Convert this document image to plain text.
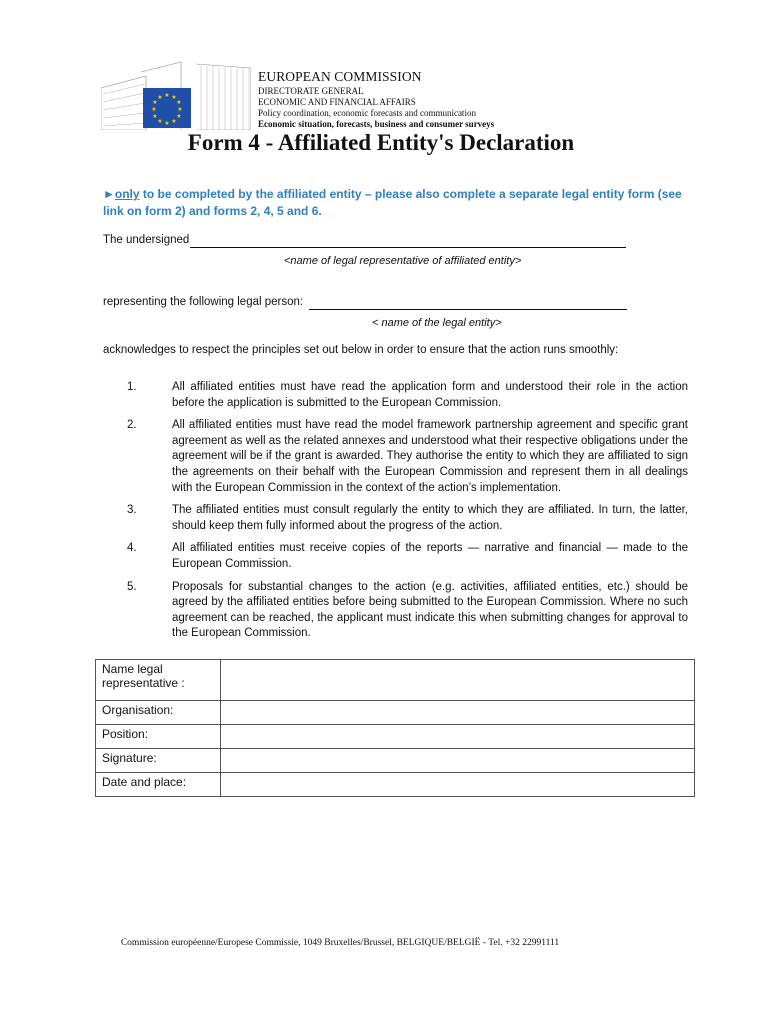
★ ★
★
★
★
★
★
★
★
★
★
★
EUROPEAN COMMISSION
DIRECTORATE GENERAL
ECONOMIC AND FINANCIAL AFFAIRS
Policy coordination, economic forecasts and communication
Economic situation, forecasts, business and consumer surveys
Form 4 - Affiliated Entity's Declaration
►only to be completed by the affiliated entity – please also complete a separate legal entity form (see link on form 2) and forms 2, 4, 5 and 6.
The undersigned
<name of legal representative of affiliated entity>
representing the following legal person:
< name of the legal entity>
acknowledges to respect the principles set out below in order to ensure that the action runs smoothly:
1.	All affiliated entities must have read the application form and understood their role in the action before the application is submitted to the European Commission.
2.	All affiliated entities must have read the model framework partnership agreement and specific grant agreement as well as the related annexes and understood what their respective obligations under the agreement will be if the grant is awarded. They authorise the entity to which they are affiliated to sign the agreements on their behalf with the European Commission and represent them in all dealings with the European Commission in the context of the action’s implementation.
3.	The affiliated entities must consult regularly the entity to which they are affiliated. In turn, the latter, should keep them fully informed about the progress of the action.
4.	All affiliated entities must receive copies of the reports — narrative and financial — made to the European Commission.
5.	Proposals for substantial changes to the action (e.g. activities, affiliated entities, etc.) should be agreed by the affiliated entities before being submitted to the European Commission. Where no such agreement can be reached, the applicant must indicate this when submitting changes for approval to the European Commission.
Name legal representative :	
Organisation:	
Position:	
Signature:	
Date and place:	
Commission européenne/Europese Commissie, 1049 Bruxelles/Brussel, BELGIQUE/BELGIË - Tel. +32 22991111
